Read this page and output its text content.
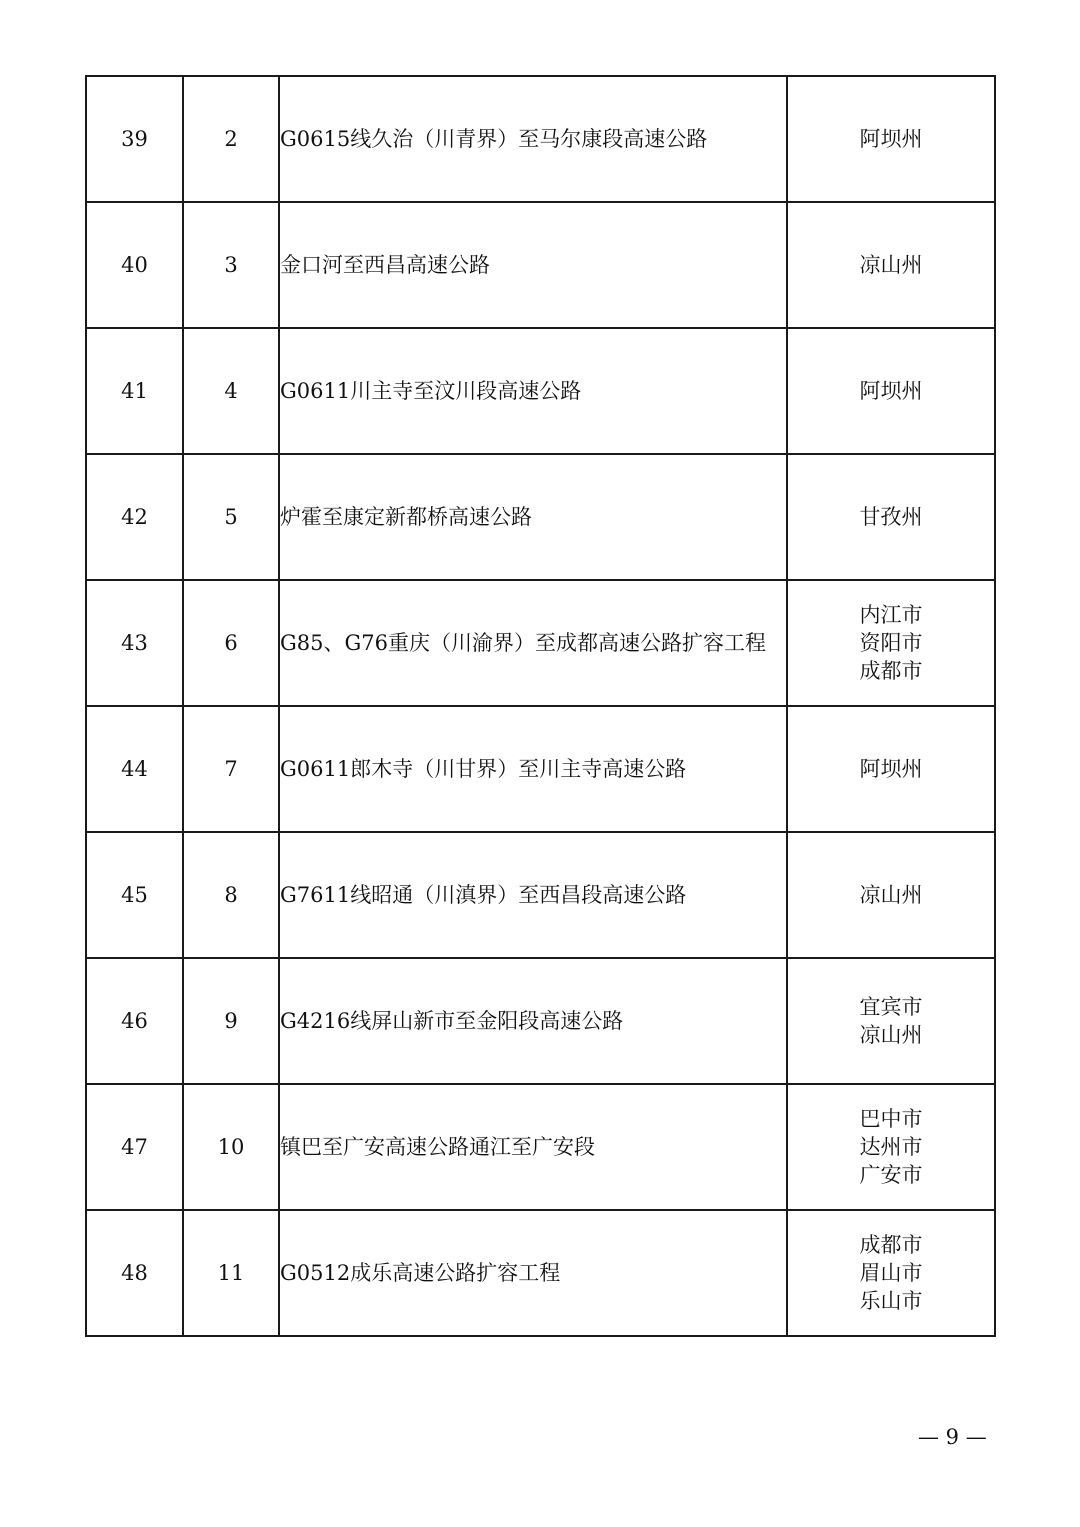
39	2	G0615线久治（川青界）至马尔康段高速公路	阿坝州

40	3	金口河至西昌高速公路	凉山州

41	4	G0611川主寺至汶川段高速公路	阿坝州

42	5	炉霍至康定新都桥高速公路	甘孜州

43	6	G85、G76重庆（川渝界）至成都高速公路扩容工程	内江市
资阳市
成都市

44	7	G0611郎木寺（川甘界）至川主寺高速公路	阿坝州

45	8	G7611线昭通（川滇界）至西昌段高速公路	凉山州

46	9	G4216线屏山新市至金阳段高速公路	宜宾市
凉山州

47	10	镇巴至广安高速公路通江至广安段	巴中市
达州市
广安市

48	11	G0512成乐高速公路扩容工程	成都市
眉山市
乐山市
— 9 —
